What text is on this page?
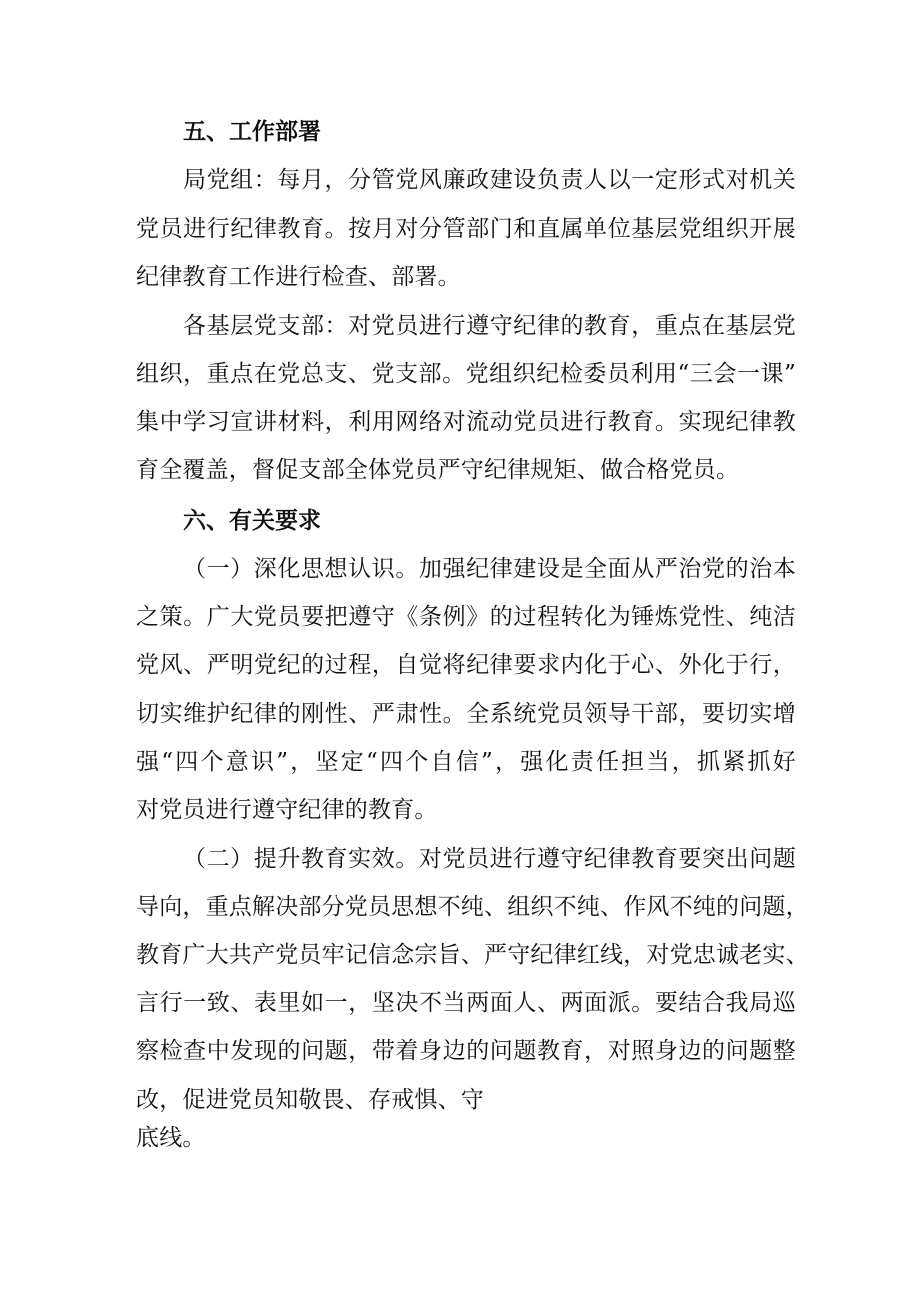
五、工作部署
局党组：每月，分管党风廉政建设负责人以一定形式对机关
党员进行纪律教育。按月对分管部门和直属单位基层党组织开展
纪律教育工作进行检查、部署。
各基层党支部：对党员进行遵守纪律的教育，重点在基层党
组织，重点在党总支、党支部。党组织纪检委员利用“三会一课”
集中学习宣讲材料，利用网络对流动党员进行教育。实现纪律教
育全覆盖，督促支部全体党员严守纪律规矩、做合格党员。
六、有关要求
（一）深化思想认识。加强纪律建设是全面从严治党的治本
之策。广大党员要把遵守《条例》的过程转化为锤炼党性、纯洁
党风、严明党纪的过程，自觉将纪律要求内化于心、外化于行，
切实维护纪律的刚性、严肃性。全系统党员领导干部，要切实增
强“四个意识”，坚定“四个自信”，强化责任担当，抓紧抓好
对党员进行遵守纪律的教育。
（二）提升教育实效。对党员进行遵守纪律教育要突出问题
导向，重点解决部分党员思想不纯、组织不纯、作风不纯的问题，
教育广大共产党员牢记信念宗旨、严守纪律红线，对党忠诚老实、
言行一致、表里如一，坚决不当两面人、两面派。要结合我局巡
察检查中发现的问题，带着身边的问题教育，对照身边的问题整
改，促进党员知敬畏、存戒惧、守
底线。
